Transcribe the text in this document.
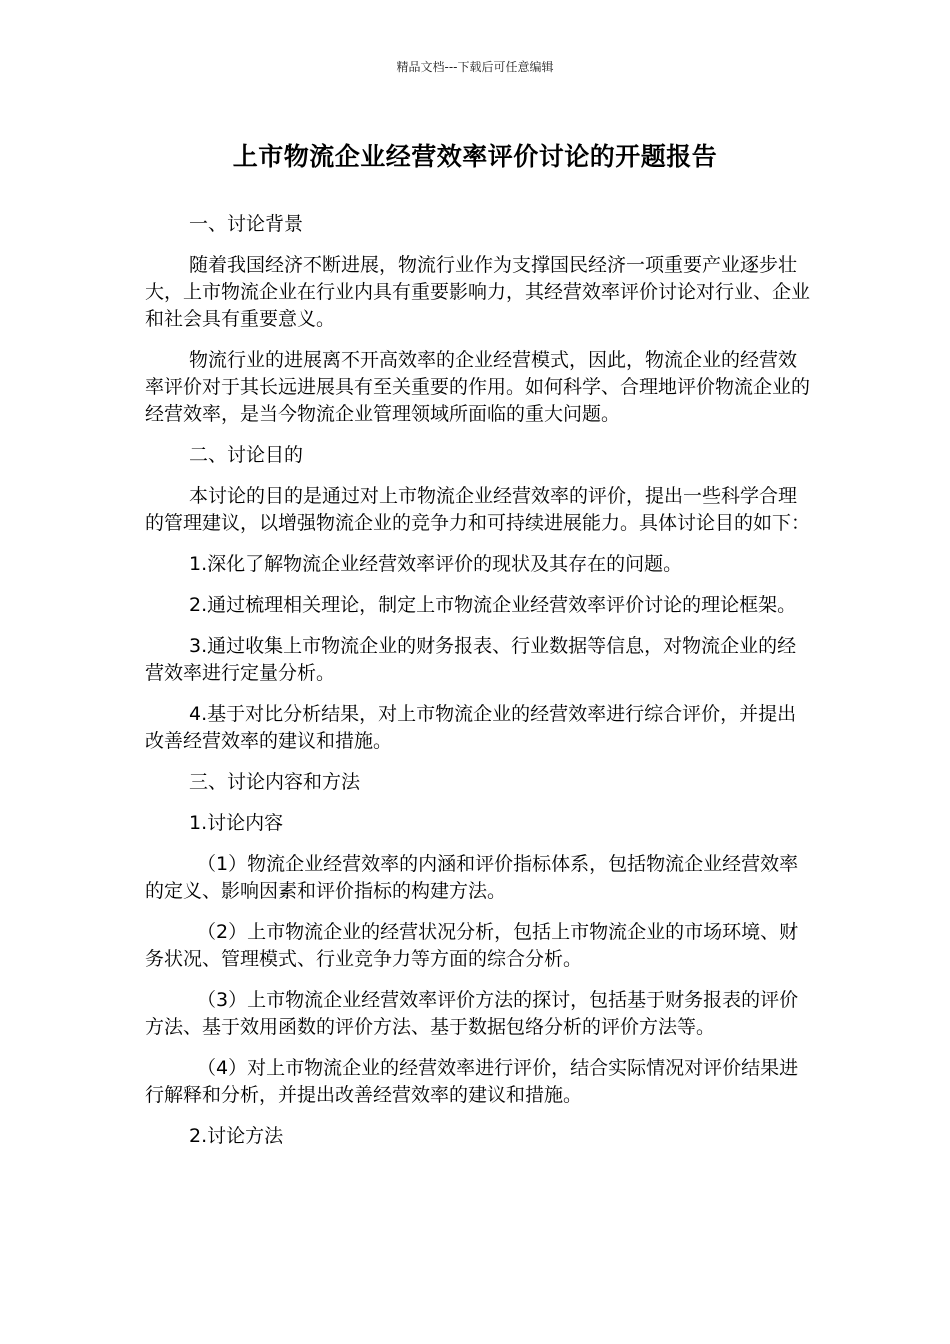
精品文档---下载后可任意编辑
上市物流企业经营效率评价讨论的开题报告

一、讨论背景

随着我国经济不断进展，物流行业作为支撑国民经济一项重要产业逐步壮大，上市物流企业在行业内具有重要影响力，其经营效率评价讨论对行业、企业和社会具有重要意义。

物流行业的进展离不开高效率的企业经营模式，因此，物流企业的经营效率评价对于其长远进展具有至关重要的作用。如何科学、合理地评价物流企业的经营效率，是当今物流企业管理领域所面临的重大问题。

二、讨论目的

本讨论的目的是通过对上市物流企业经营效率的评价，提出一些科学合理的管理建议，以增强物流企业的竞争力和可持续进展能力。具体讨论目的如下：

1.深化了解物流企业经营效率评价的现状及其存在的问题。

2.通过梳理相关理论，制定上市物流企业经营效率评价讨论的理论框架。

3.通过收集上市物流企业的财务报表、行业数据等信息，对物流企业的经营效率进行定量分析。

4.基于对比分析结果，对上市物流企业的经营效率进行综合评价，并提出改善经营效率的建议和措施。

三、讨论内容和方法

1.讨论内容

（1）物流企业经营效率的内涵和评价指标体系，包括物流企业经营效率的定义、影响因素和评价指标的构建方法。

（2）上市物流企业的经营状况分析，包括上市物流企业的市场环境、财务状况、管理模式、行业竞争力等方面的综合分析。

（3）上市物流企业经营效率评价方法的探讨，包括基于财务报表的评价方法、基于效用函数的评价方法、基于数据包络分析的评价方法等。

（4）对上市物流企业的经营效率进行评价，结合实际情况对评价结果进行解释和分析，并提出改善经营效率的建议和措施。

2.讨论方法
